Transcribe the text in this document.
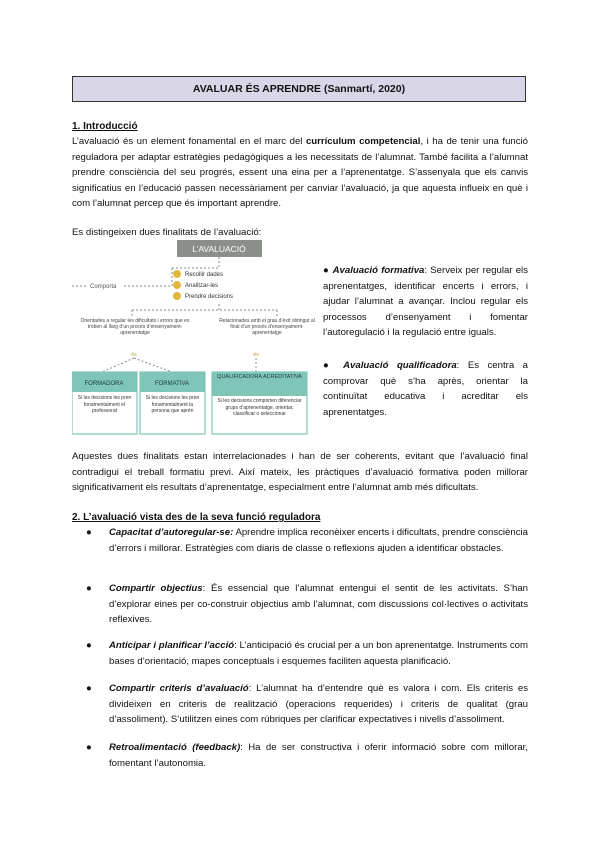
AVALUAR ÉS APRENDRE (Sanmartí, 2020)
1. Introducció
L’avaluació és un element fonamental en el marc del currículum competencial, i ha de tenir una funció reguladora per adaptar estratègies pedagògiques a les necessitats de l’alumnat. També facilita a l’alumnat prendre consciència del seu progrés, essent una eina per a l’aprenentatge. S’assenyala que els canvis significatius en l’educació passen necessàriament per canviar l’avaluació, ja que aquesta influeix en què i com l’alumnat percep que és important aprendre.
Es distingeixen dues finalitats de l’avaluació:
L’AVALUACIÓ
Comporta
Recollir dades
Analitzar-les
Prendre decisions
Orientades a regular les dificultats i errors que es troben al llarg d’un procés d’ensenyament-aprenentatge
Relacionades amb el grau d’èxit obtingut al final d’un procés d’ensenyament-aprenentatge
és	és
FORMADORA
Si les decisions les pren fonamentalment el professorat
FORMATIVA
Si les decisions les pren fonamentalment la persona que aprèn
QUALIFICADORA ACREDITATIVA
Si les decisions comporten diferenciar grups d’aprenentatge, orientar, classificar o seleccionar
● Avaluació formativa: Serveix per regular els aprenentatges, identificar encerts i errors, i ajudar l’alumnat a avançar. Inclou regular els processos d’ensenyament i fomentar l’autoregulació i la regulació entre iguals.
● Avaluació qualificadora: Es centra a comprovar què s’ha après, orientar la continuïtat educativa i acreditar els aprenentatges.
Aquestes dues finalitats estan interrelacionades i han de ser coherents, evitant que l’avaluació final contradigui el treball formatiu previ. Així mateix, les pràctiques d’avaluació formativa poden millorar significativament els resultats d’aprenentatge, especialment entre l’alumnat amb més dificultats.
2. L’avaluació vista des de la seva funció reguladora
● Capacitat d’autoregular-se: Aprendre implica reconèixer encerts i dificultats, prendre consciència d’errors i millorar. Estratègies com diaris de classe o reflexions ajuden a identificar obstacles.
● Compartir objectius: És essencial que l’alumnat entengui el sentit de les activitats. S’han d’explorar eines per co-construir objectius amb l’alumnat, com discussions col·lectives o activitats reflexives.
● Anticipar i planificar l’acció: L’anticipació és crucial per a un bon aprenentatge. Instruments com bases d’orientació, mapes conceptuals i esquemes faciliten aquesta planificació.
● Compartir criteris d’avaluació: L’alumnat ha d’entendre què es valora i com. Els criteris es divideixen en criteris de realització (operacions requerides) i criteris de qualitat (grau d’assoliment). S’utilitzen eines com rúbriques per clarificar expectatives i nivells d’assoliment.
● Retroalimentació (feedback): Ha de ser constructiva i oferir informació sobre com millorar, fomentant l’autonomia.
